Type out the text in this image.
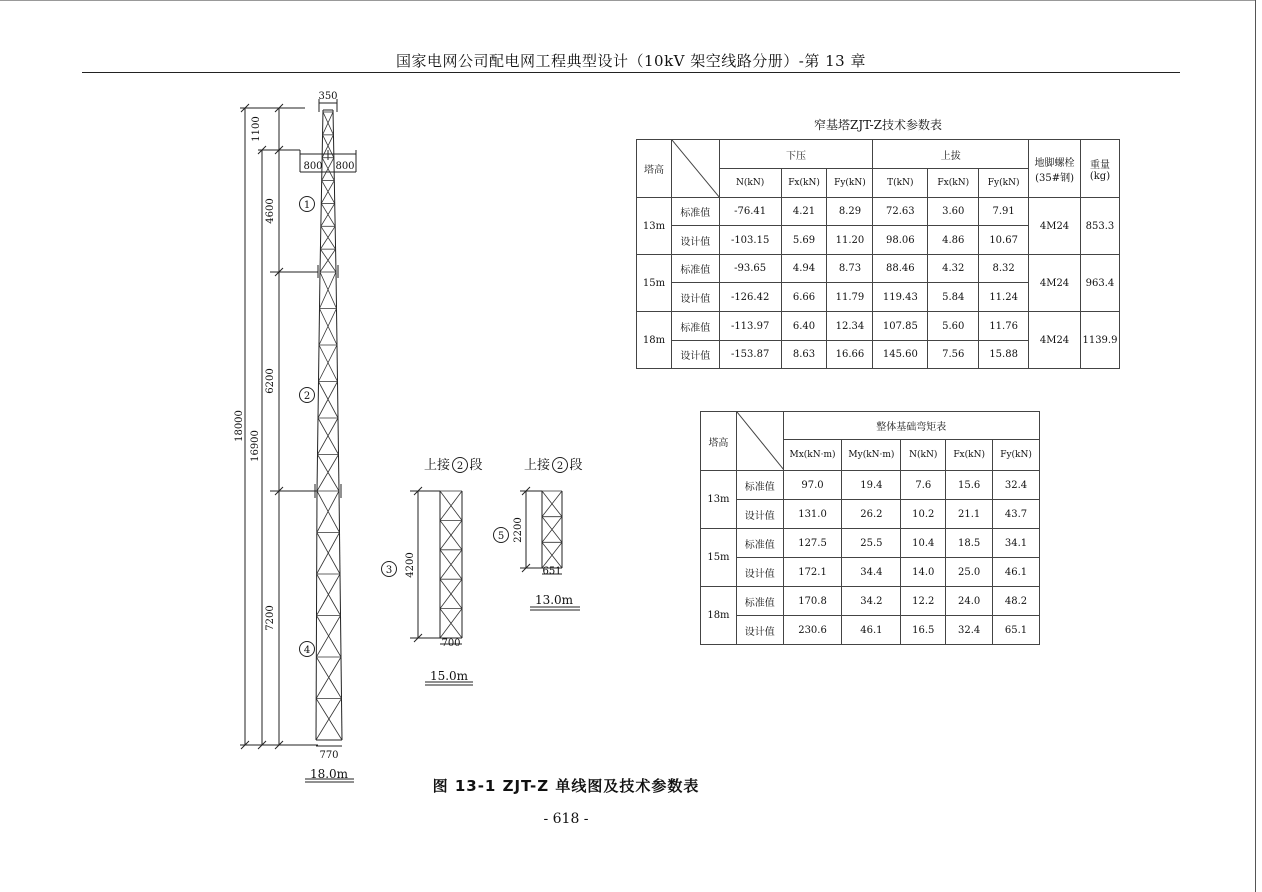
国家电网公司配电网工程典型设计（10kV 架空线路分册）-第 13 章
350
800 800
770
18.0m
1100
4600
6200
7200
16900
18000
1
2
4
3 4200
700
15.0m
上接 2 段
5 2200
651
13.0m
上接 2 段
窄基塔ZJT-Z技术参数表
塔高		下压			上拔			地脚螺栓
(35#钢)	重量
(kg)
		N(kN)	Fx(kN)	Fy(kN)	T(kN)	Fx(kN)	Fy(kN)		
13m	标准值	-76.41	4.21	8.29	72.63	3.60	7.91	4M24	853.3
	设计值	-103.15	5.69	11.20	98.06	4.86	10.67		
15m	标准值	-93.65	4.94	8.73	88.46	4.32	8.32	4M24	963.4
	设计值	-126.42	6.66	11.79	119.43	5.84	11.24		
18m	标准值	-113.97	6.40	12.34	107.85	5.60	11.76	4M24	1139.9
	设计值	-153.87	8.63	16.66	145.60	7.56	15.88		
塔高		整体基础弯矩表				
		Mx(kN·m)	My(kN·m)	N(kN)	Fx(kN)	Fy(kN)
13m	标准值	97.0	19.4	7.6	15.6	32.4
	设计值	131.0	26.2	10.2	21.1	43.7
15m	标准值	127.5	25.5	10.4	18.5	34.1
	设计值	172.1	34.4	14.0	25.0	46.1
18m	标准值	170.8	34.2	12.2	24.0	48.2
	设计值	230.6	46.1	16.5	32.4	65.1
图 13-1 ZJT-Z 单线图及技术参数表
- 618 -
